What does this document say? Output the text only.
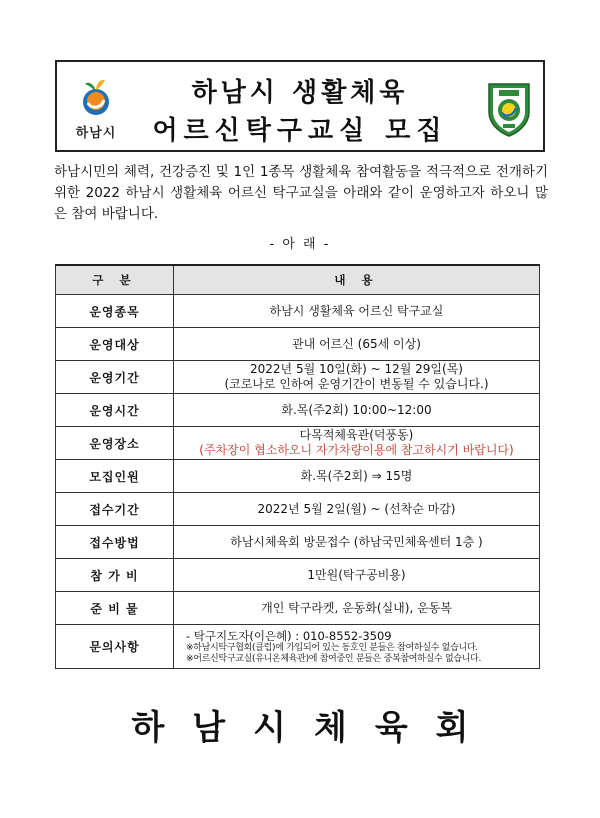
하남시
하남시 생활체육
어르신탁구교실 모집
하남시민의 체력, 건강증진 및 1인 1종목 생활체육 참여활동을 적극적으로 전개하기 위한 2022 하남시 생활체육 어르신 탁구교실을 아래와 같이 운영하고자 하오니 많은 참여 바랍니다.
- 아 래 -
구 분	내 용
운영종목	하남시 생활체육 어르신 탁구교실

운영대상	관내 어르신 (65세 이상)

운영기간	2022년 5월 10일(화) ~ 12월 29일(목)
(코로나로 인하여 운영기간이 변동될 수 있습니다.)

운영시간	화.목(주2회) 10:00~12:00

운영장소	다목적체육관(덕풍동)
(주차장이 협소하오니 자가차량이용에 참고하시기 바랍니다)

모집인원	화.목(주2회) ⇒ 15명

접수기간	2022년 5월 2일(월) ~ (선착순 마감)

접수방법	하남시체육회 방문접수 (하남국민체육센터 1층 )

참 가 비	1만원(탁구공비용)

준 비 물	개인 탁구라켓, 운동화(실내), 운동복

문의사항	- 탁구지도자(이은혜) : 010-8552-3509
※하남시탁구협회(클럽)에 가입되어 있는 동호인 분들은 참여하실수 없습니다.
※어르신탁구교실(유니온체육관)에 참여중인 분들은 중복참여하실수 없습니다.
하남시체육회
